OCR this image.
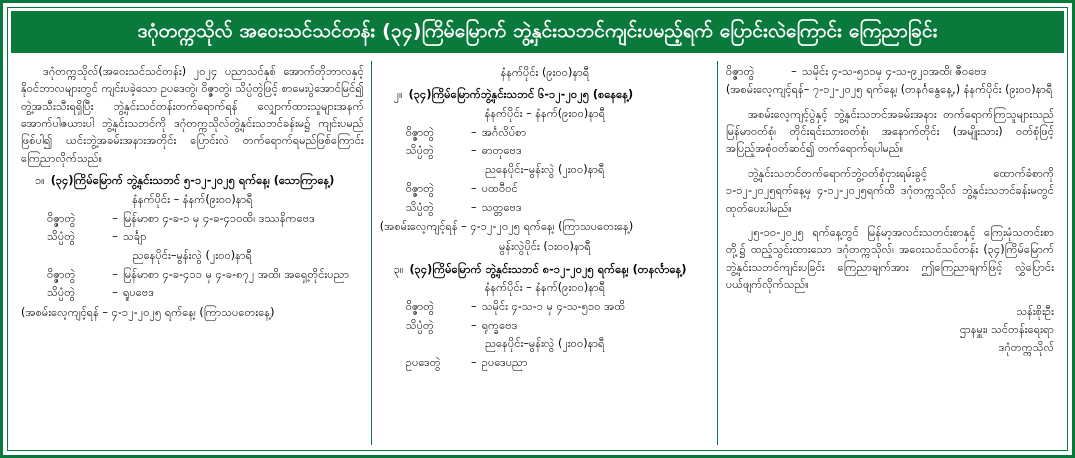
ဒဂုံတက္ကသိုလ် အဝေးသင်သင်တန်း (၃၄)ကြိမ်မြောက် ဘွဲ့နှင်းသဘင်ကျင်းပမည့်ရက် ပြောင်းလဲကြောင်း ကြေညာခြင်း

ဒဂုံတက္ကသိုလ်(အဝေးသင်သင်တန်း) ၂၀၂၄ ပညာသင်နှစ် အောက်တိုဘာလနှင့် နိုဝင်ဘာလများတွင် ကျင်းပခဲ့သော ဥပဒေတွဲ၊ ဝိဇ္ဇာတွဲ၊ သိပ္ပံတွဲဖြင့် စာမေးပွဲအောင်မြင်၍ တွဲ့အသီးသီးရရှိပြီး ဘွဲ့နှင်းသင်တန်းတက်ရောက်ရန် လျှောက်ထားသူများအနက် အောက်ပါဇယားပါ ဘွဲ့နှင်းသဘင်ကို ဒဂုံတက္ကသိုလ်တွဲ့နှင်းသဘင်ခန်းမ၌ ကျင်းပမည်ဖြစ်ပါ၍ ယင်းဘွဲ့အခမ်းအနားအတိုင်း ပြောင်းလဲ တက်ရောက်ရမည်ဖြစ်ကြောင်း ကြေညာလိုက်သည်။

၁။ (၃၄)ကြိမ်မြောက် ဘွဲ့နှင်းသဘင် ၅-၁၂-၂၀၂၅ ရက်နေ့၊ (သောကြာနေ့)

နံနက်ပိုင်း – နံနက်(၉း၀၀)နာရီ

ဝိဇ္ဇာတွဲ	– မြန်မာစာ ၄-ခ-၁ မှ ၄-ခ-၄၁၀ထိ၊ ဒဿနိကဗေဒ
သိပ္ပံတွဲ	– သင်္ချာ

ညနေပိုင်း–မွန်းလွဲ (၂း၀၀)နာရီ

ဝိဇ္ဇာတွဲ	– မြန်မာစာ ၄-ခ-၄၁၁ မှ ၄-ခ-၈၇၂ အထိ၊ အရှေ့တိုင်းပညာ
သိပ္ပံတွဲ	– ရူပဗေဒ

(အစမ်းလေ့ကျင့်ရန် – ၄-၁၂-၂၀၂၅ ရက်နေ့၊ (ကြာသပတေးနေ့)

နံနက်ပိုင်း (၉း၀၀)နာရီ

၂။ (၃၄)ကြိမ်မြောက်ဘွဲ့နှင်းသဘင် ၆-၁၂-၂၀၂၅ (စနေနေ့)

နံနက်ပိုင်း – နံနက်(၉း၀၀)နာရီ

ဝိဇ္ဇာတွဲ	– အင်္ဂလိပ်စာ
သိပ္ပံတွဲ	– ဓာတုဗေဒ

ညနေပိုင်း–မွန်းလွဲ (၂း၀၀)နာရီ

ဝိဇ္ဇာတွဲ	– ပထဝီဝင်
သိပ္ပံတွဲ	– သတ္တဗေဒ

(အစမ်းလေ့ကျင့်ရန် – ၄-၁၂-၂၀၂၅ ရက်နေ့၊ (ကြာသပတေးနေ့)

မွန်းလွဲပိုင်း (၁း၀၀)နာရီ

၃။ (၃၄)ကြိမ်မြောက် ဘွဲ့နှင်းသဘင် ၈-၁၂-၂၀၂၅ ရက်နေ့၊ (တနင်္လာနေ့)

နံနက်ပိုင်း – နံနက်(၉း၀၀)နာရီ

ဝိဇ္ဇာတွဲ	– သမိုင်း ၄-သ-၁ မှ ၄-သ-၅၁၀ အထိ
သိပ္ပံတွဲ	– ရုက္ခဗေဒ

ညနေပိုင်း–မွန်းလွဲ (၂း၀၀)နာရီ

ဥပဒေတွဲ	– ဥပဒေပညာ
ဝိဇ္ဇာတွဲ	– သမိုင်း ၄-သ-၅၁၁မှ ၄-သ-၉၂၁အထိ၊ ဇီဝဗေဒ

(အစမ်းလေ့ကျင့်ရန်– ၇-၁၂-၂၀၂၅ ရက်နေ့၊ (တနင်္ဂနွေနေ့,) နံနက်ပိုင်း (၉း၀၀)နာရီ

အစမ်းလေ့ကျင့်ပွဲနှင့် ဘွဲ့နှင်းသဘင်အခမ်းအနား တက်ရောက်ကြသူများသည် မြန်မာဝတ်စုံ၊ တိုင်းရင်းသားဝတ်စုံ၊ အနောက်တိုင်း (အမျိုးသား) ဝတ်စုံဖြင့် အပြည့်အစုံဝတ်ဆင်၍ တက်ရောက်ရပါမည်။

ဘွဲ့နှင်းသဘင်တက်ရောက်ဘွဲ့ဝတ်စုံငှားရမ်းခွင့် ထောက်ခံစာကို ၁-၁၂-၂၀၂၅ရက်နေ့မှ ၄-၁၂-၂၀၂၅ရက်ထိ ဒဂုံတက္ကသိုလ် ဘွဲ့နှင်းသဘင်ခန်းမတွင် ထုတ်ပေးပါမည်။

၂၅-၁၀-၂၀၂၅ ရက်နေ့တွင် မြန်မာ့အလင်းသတင်းစာနှင့် ကြေးမုံသတင်းစာတို့၌ ထည့်သွင်းထားသော ဒဂုံတက္ကသိုလ်၊ အဝေးသင်သင်တန်း (၃၄)ကြိမ်မြောက် ဘွဲ့နှင်းသဘင်ကျင်းပခြင်း ကြေညာချက်အား ဤကြေညာချက်ဖြင့် လွှဲပြောင်းပယ်ဖျက်လိုက်သည်။

သန်းစိုးဦး
ဌာနမှူး၊ သင်တန်းရေးရာ
ဒဂုံတက္ကသိုလ်
